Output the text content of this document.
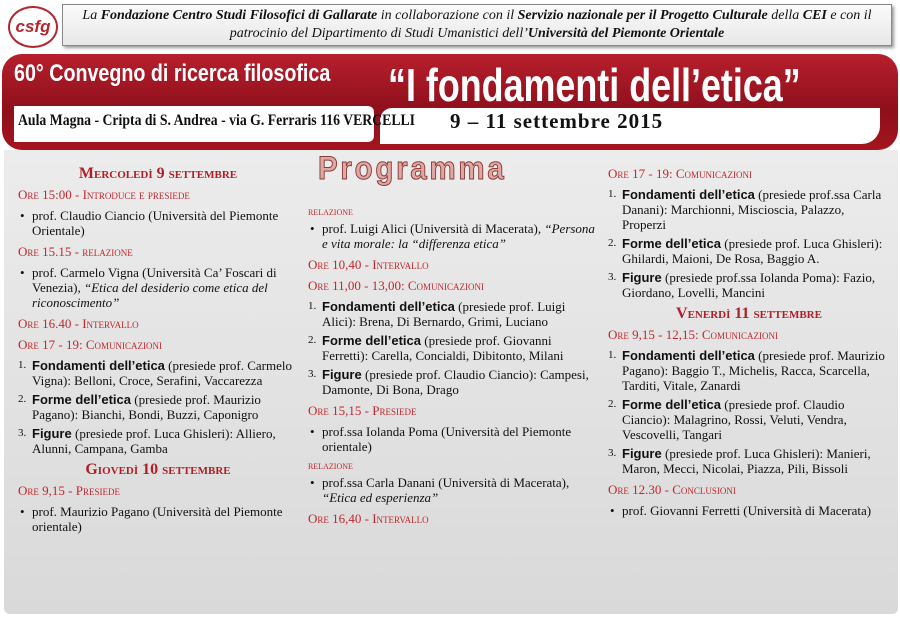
csfg
La Fondazione Centro Studi Filosofici di Gallarate in collaborazione con il Servizio nazionale per il Progetto Culturale della CEI e con il patrocinio del Dipartimento di Studi Umanistici dell’Università del Piemonte Orientale
60° Convegno di ricerca filosofica “I fondamenti dell’etica”
Aula Magna - Cripta di S. Andrea - via G. Ferraris 116 VERCELLI 9 – 11 settembre 2015
Programma
Mercoledì 9 settembre
Ore 15:00 - Introduce e presiede
• prof. Claudio Ciancio (Università del Piemonte Orientale)
Ore 15.15 - relazione
• prof. Carmelo Vigna (Università Ca’ Foscari di Venezia), “Etica del desiderio come etica del riconoscimento”
Ore 16.40 - Intervallo
Ore 17 - 19: Comunicazioni
1. Fondamenti dell’etica (presiede prof. Carmelo Vigna): Belloni, Croce, Serafini, Vaccarezza
2. Forme dell’etica (presiede prof. Maurizio Pagano): Bianchi, Bondi, Buzzi, Caponigro
3. Figure (presiede prof. Luca Ghisleri): Alliero, Alunni, Campana, Gamba
Giovedì 10 settembre
Ore 9,15 - Presiede
• prof. Maurizio Pagano (Università del Piemonte orientale)
relazione
• prof. Luigi Alici (Università di Macerata), “Persona e vita morale: la “differenza etica”
Ore 10,40 - Intervallo
Ore 11,00 - 13,00: Comunicazioni
1. Fondamenti dell’etica (presiede prof. Luigi Alici): Brena, Di Bernardo, Grimi, Luciano
2. Forme dell’etica (presiede prof. Giovanni Ferretti): Carella, Concialdi, Dibitonto, Milani
3. Figure (presiede prof. Claudio Ciancio): Campesi, Damonte, Di Bona, Drago
Ore 15,15 - Presiede
• prof.ssa Iolanda Poma (Università del Piemonte orientale)
relazione
• prof.ssa Carla Danani (Università di Macerata), “Etica ed esperienza”
Ore 16,40 - Intervallo
Ore 17 - 19: Comunicazioni
1. Fondamenti dell’etica (presiede prof.ssa Carla Danani): Marchionni, Miscioscia, Palazzo, Properzi
2. Forme dell’etica (presiede prof. Luca Ghisleri): Ghilardi, Maioni, De Rosa, Baggio A.
3. Figure (presiede prof.ssa Iolanda Poma): Fazio, Giordano, Lovelli, Mancini
Venerdì 11 settembre
Ore 9,15 - 12,15: Comunicazioni
1. Fondamenti dell’etica (presiede prof. Maurizio Pagano): Baggio T., Michelis, Racca, Scarcella, Tarditi, Vitale, Zanardi
2. Forme dell’etica (presiede prof. Claudio Ciancio): Malagrino, Rossi, Veluti, Vendra, Vescovelli, Tangari
3. Figure (presiede prof. Luca Ghisleri): Manieri, Maron, Mecci, Nicolai, Piazza, Pili, Bissoli
Ore 12.30 - Conclusioni
• prof. Giovanni Ferretti (Università di Macerata)
